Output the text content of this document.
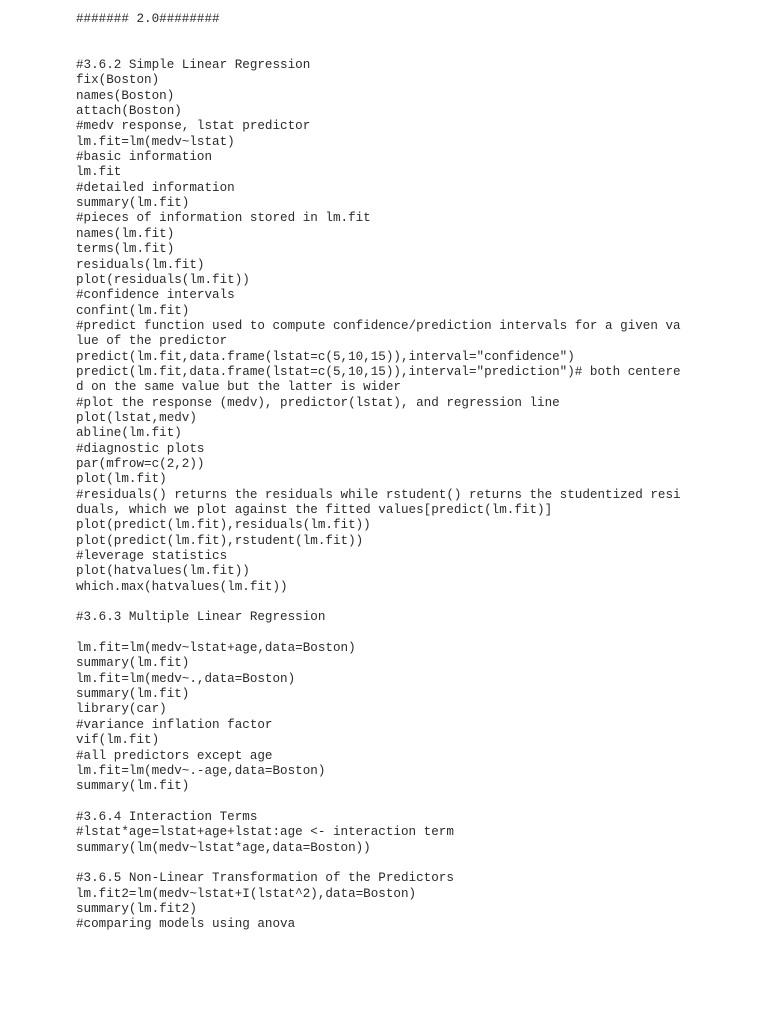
####### 2.0########
#3.6.2 Simple Linear Regression
fix(Boston)
names(Boston)
attach(Boston)
#medv response, lstat predictor
lm.fit=lm(medv~lstat)
#basic information
lm.fit
#detailed information
summary(lm.fit)
#pieces of information stored in lm.fit
names(lm.fit)
terms(lm.fit)
residuals(lm.fit)
plot(residuals(lm.fit))
#confidence intervals
confint(lm.fit)
#predict function used to compute confidence/prediction intervals for a given va
lue of the predictor
predict(lm.fit,data.frame(lstat=c(5,10,15)),interval="confidence")
predict(lm.fit,data.frame(lstat=c(5,10,15)),interval="prediction")# both centere
d on the same value but the latter is wider
#plot the response (medv), predictor(lstat), and regression line
plot(lstat,medv)
abline(lm.fit)
#diagnostic plots
par(mfrow=c(2,2))
plot(lm.fit)
#residuals() returns the residuals while rstudent() returns the studentized resi
duals, which we plot against the fitted values[predict(lm.fit)]
plot(predict(lm.fit),residuals(lm.fit))
plot(predict(lm.fit),rstudent(lm.fit))
#leverage statistics
plot(hatvalues(lm.fit))
which.max(hatvalues(lm.fit))
#3.6.3 Multiple Linear Regression
lm.fit=lm(medv~lstat+age,data=Boston)
summary(lm.fit)
lm.fit=lm(medv~.,data=Boston)
summary(lm.fit)
library(car)
#variance inflation factor
vif(lm.fit)
#all predictors except age
lm.fit=lm(medv~.-age,data=Boston)
summary(lm.fit)
#3.6.4 Interaction Terms
#lstat*age=lstat+age+lstat:age <- interaction term
summary(lm(medv~lstat*age,data=Boston))
#3.6.5 Non-Linear Transformation of the Predictors
lm.fit2=lm(medv~lstat+I(lstat^2),data=Boston)
summary(lm.fit2)
#comparing models using anova
